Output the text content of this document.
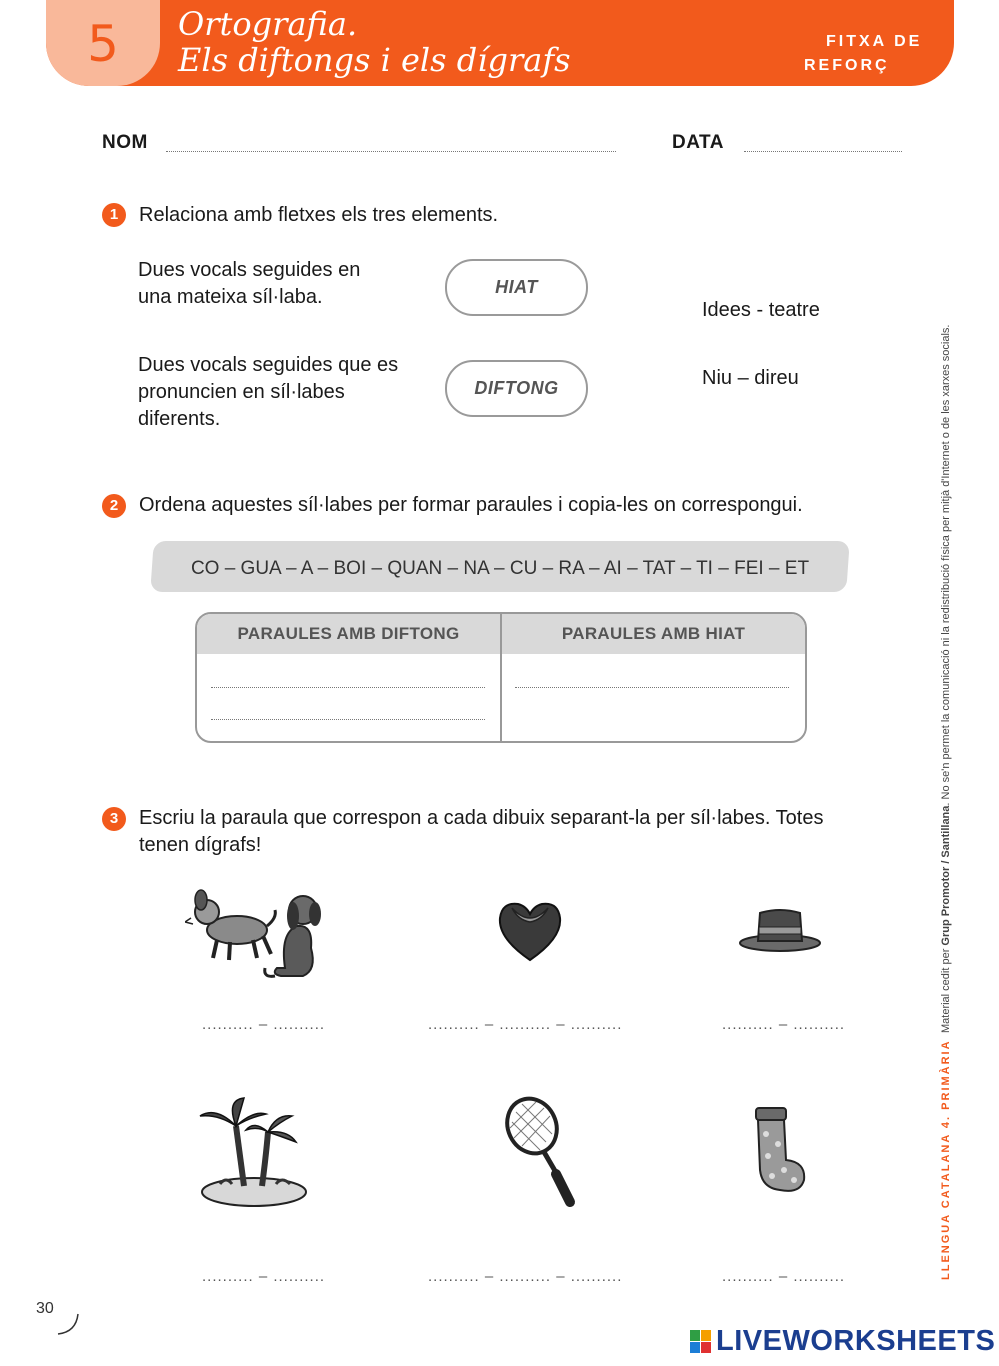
5	Ortografia.
Els diftongs i els dígrafs	FITXA DE
REFORÇ
NOM	DATA
1	Relaciona amb fletxes els tres elements.
Dues vocals seguides en
una mateixa síl·laba.
Dues vocals seguides que es
pronuncien en síl·labes
diferents.
HIAT
DIFTONG
Idees - teatre
Niu – direu
2	Ordena aquestes síl·labes per formar paraules i copia-les on correspongui.
CO – GUA – A – BOI – QUAN – NA – CU – RA – AI – TAT – TI – FEI – ET
PARAULES AMB DIFTONG	PARAULES AMB HIAT
3	Escriu la paraula que correspon a cada dibuix separant-la per síl·labes. Totes
tenen dígrafs!
.......... – ..........	.......... – .......... – ..........	.......... – ..........
.......... – ..........	.......... – .......... – ..........	.......... – ..........
Material cedit per Grup Promotor / Santillana. No se'n permet la comunicació ni la redistribució física per mitjà d'Internet o de les xarxes socials.
LLENGUA CATALANA 4. PRIMÀRIA
30
LIVEWORKSHEETS
